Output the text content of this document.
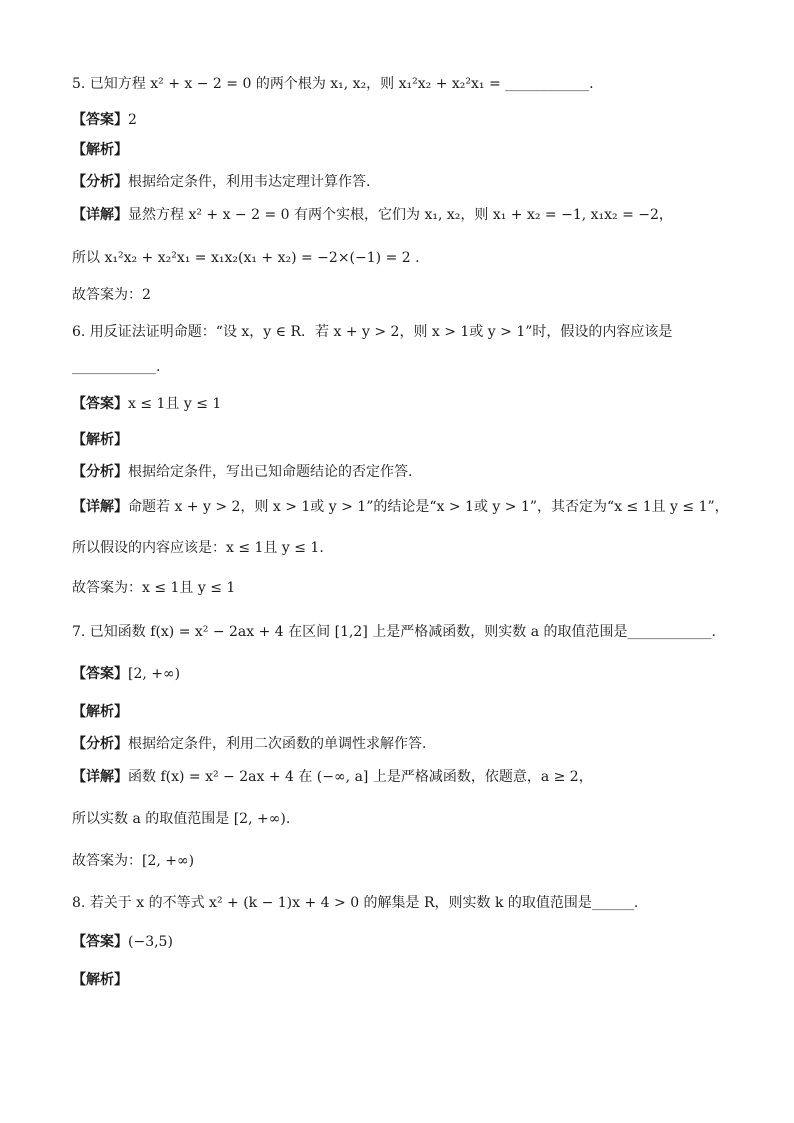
5. 已知方程 x² + x − 2 = 0 的两个根为 x₁, x₂，则 x₁²x₂ + x₂²x₁ = ____________.
【答案】2
【解析】
【分析】根据给定条件，利用韦达定理计算作答.
【详解】显然方程 x² + x − 2 = 0 有两个实根，它们为 x₁, x₂，则 x₁ + x₂ = −1, x₁x₂ = −2，
所以 x₁²x₂ + x₂²x₁ = x₁x₂(x₁ + x₂) = −2×(−1) = 2 .
故答案为：2
6. 用反证法证明命题：“设 x，y ∈ R．若 x + y > 2，则 x > 1或 y > 1”时，假设的内容应该是
____________.
【答案】x ≤ 1且 y ≤ 1
【解析】
【分析】根据给定条件，写出已知命题结论的否定作答.
【详解】命题若 x + y > 2，则 x > 1或 y > 1”的结论是“x > 1或 y > 1”，其否定为“x ≤ 1且 y ≤ 1”，
所以假设的内容应该是：x ≤ 1且 y ≤ 1.
故答案为：x ≤ 1且 y ≤ 1
7. 已知函数 f(x) = x² − 2ax + 4 在区间 [1,2] 上是严格减函数，则实数 a 的取值范围是____________.
【答案】[2, +∞)
【解析】
【分析】根据给定条件，利用二次函数的单调性求解作答.
【详解】函数 f(x) = x² − 2ax + 4 在 (−∞, a] 上是严格减函数，依题意，a ≥ 2，
所以实数 a 的取值范围是 [2, +∞).
故答案为：[2, +∞)
8. 若关于 x 的不等式 x² + (k − 1)x + 4 > 0 的解集是 R，则实数 k 的取值范围是______.
【答案】(−3,5)
【解析】
